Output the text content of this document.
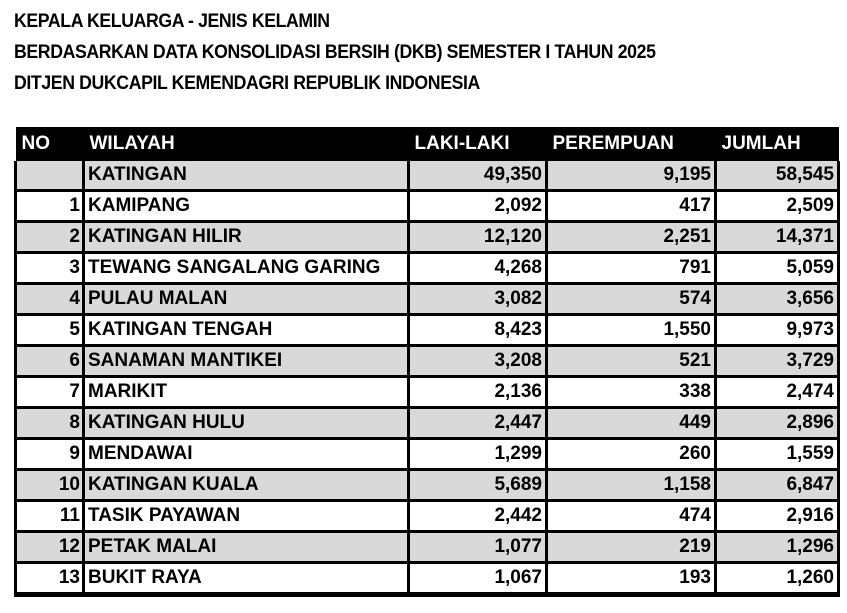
KEPALA KELUARGA - JENIS KELAMIN
BERDASARKAN DATA KONSOLIDASI BERSIH (DKB) SEMESTER I TAHUN 2025
DITJEN DUKCAPIL KEMENDAGRI REPUBLIK INDONESIA
NO	WILAYAH	LAKI-LAKI	PEREMPUAN	JUMLAH
	KATINGAN	49,350	9,195	58,545
1	KAMIPANG	2,092	417	2,509
2	KATINGAN HILIR	12,120	2,251	14,371
3	TEWANG SANGALANG GARING	4,268	791	5,059
4	PULAU MALAN	3,082	574	3,656
5	KATINGAN TENGAH	8,423	1,550	9,973
6	SANAMAN MANTIKEI	3,208	521	3,729
7	MARIKIT	2,136	338	2,474
8	KATINGAN HULU	2,447	449	2,896
9	MENDAWAI	1,299	260	1,559
10	KATINGAN KUALA	5,689	1,158	6,847
11	TASIK PAYAWAN	2,442	474	2,916
12	PETAK MALAI	1,077	219	1,296
13	BUKIT RAYA	1,067	193	1,260
